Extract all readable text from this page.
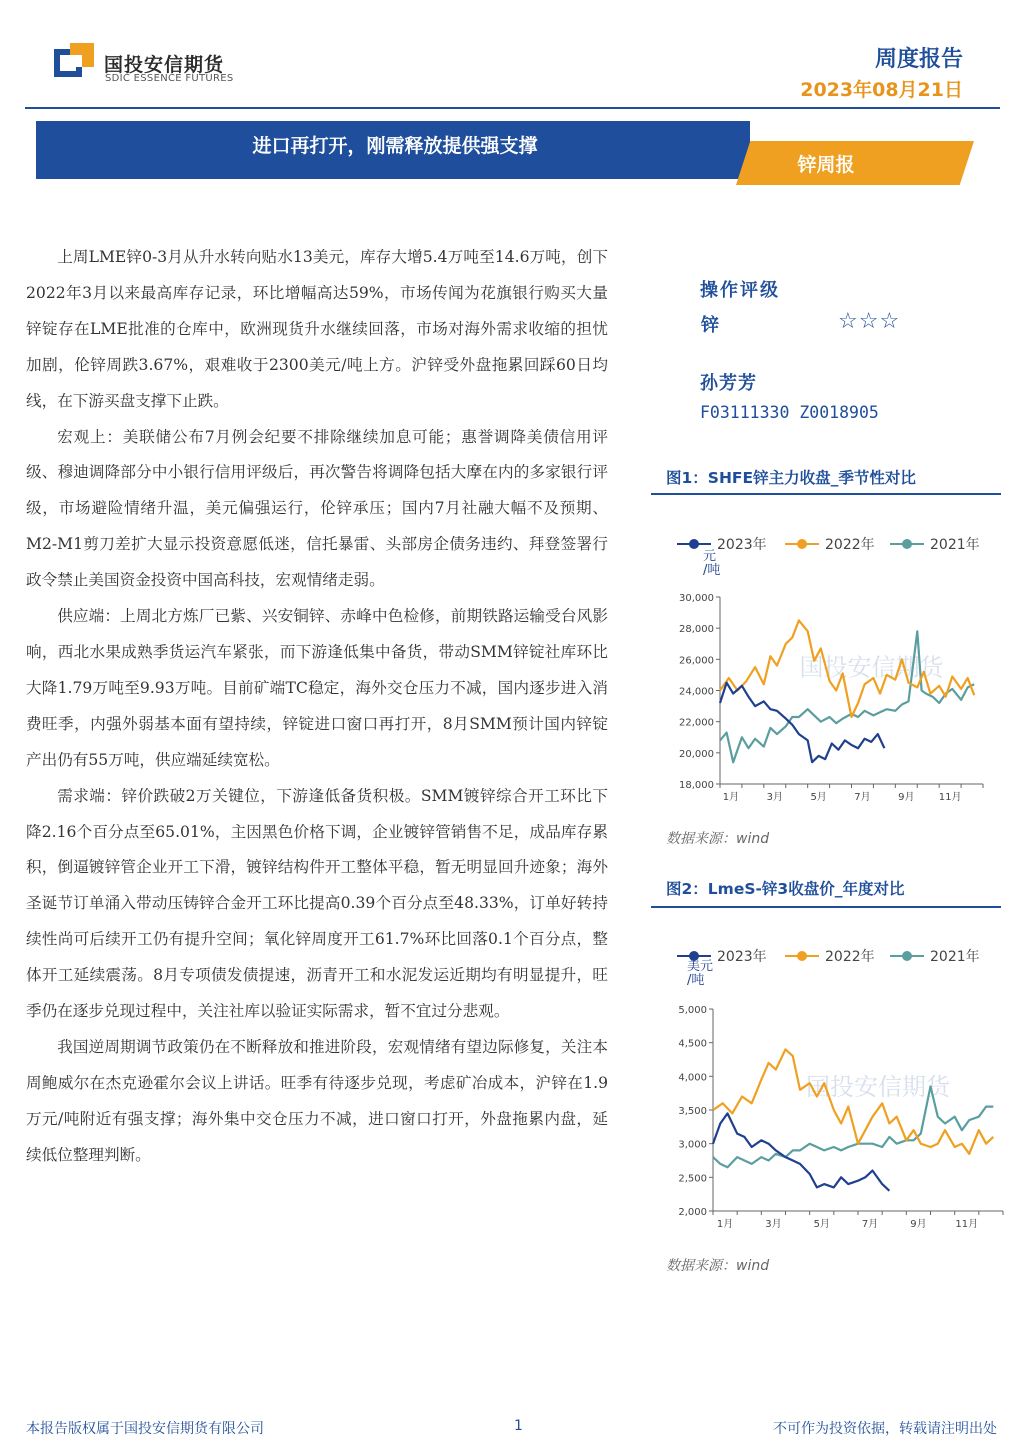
国投安信期货
SDIC ESSENCE FUTURES
周度报告
2023年08月21日
进口再打开，刚需释放提供强支撑
锌周报

上周LME锌0-3月从升水转向贴水13美元，库存大增5.4万吨至14.6万吨，创下2022年3月以来最高库存记录，环比增幅高达59%，市场传闻为花旗银行购买大量锌锭存在LME批准的仓库中，欧洲现货升水继续回落，市场对海外需求收缩的担忧加剧，伦锌周跌3.67%，艰难收于2300美元/吨上方。沪锌受外盘拖累回踩60日均线，在下游买盘支撑下止跌。

宏观上：美联储公布7月例会纪要不排除继续加息可能；惠誉调降美债信用评级、穆迪调降部分中小银行信用评级后，再次警告将调降包括大摩在内的多家银行评级，市场避险情绪升温，美元偏强运行，伦锌承压；国内7月社融大幅不及预期、M2-M1剪刀差扩大显示投资意愿低迷，信托暴雷、头部房企债务违约、拜登签署行政令禁止美国资金投资中国高科技，宏观情绪走弱。

供应端：上周北方炼厂已紫、兴安铜锌、赤峰中色检修，前期铁路运输受台风影响，西北水果成熟季货运汽车紧张，而下游逢低集中备货，带动SMM锌锭社库环比大降1.79万吨至9.93万吨。目前矿端TC稳定，海外交仓压力不减，国内逐步进入消费旺季，内强外弱基本面有望持续，锌锭进口窗口再打开，8月SMM预计国内锌锭产出仍有55万吨，供应端延续宽松。

需求端：锌价跌破2万关键位，下游逢低备货积极。SMM镀锌综合开工环比下降2.16个百分点至65.01%，主因黑色价格下调，企业镀锌管销售不足，成品库存累积，倒逼镀锌管企业开工下滑，镀锌结构件开工整体平稳，暂无明显回升迹象；海外圣诞节订单涌入带动压铸锌合金开工环比提高0.39个百分点至48.33%，订单好转持续性尚可后续开工仍有提升空间；氧化锌周度开工61.7%环比回落0.1个百分点，整体开工延续震荡。8月专项债发债提速，沥青开工和水泥发运近期均有明显提升，旺季仍在逐步兑现过程中，关注社库以验证实际需求，暂不宜过分悲观。

我国逆周期调节政策仍在不断释放和推进阶段，宏观情绪有望边际修复，关注本周鲍威尔在杰克逊霍尔会议上讲话。旺季有待逐步兑现，考虑矿冶成本，沪锌在1.9万元/吨附近有强支撑；海外集中交仓压力不减，进口窗口打开，外盘拖累内盘，延续低位整理判断。

操作评级
锌	☆☆☆
孙芳芳
F03111330 Z0018905
图1：SHFE锌主力收盘_季节性对比
国投安信期货
2023年	2022年	2021年
元
/吨
30,000
28,000
26,000
24,000
22,000
20,000
18,000
1月	3月	5月	7月	9月 11月
数据来源：wind
图2：LmeS-锌3收盘价_年度对比
国投安信期货
2023年	2022年	2021年
美元
/吨
5,000
4,500
4,000
3,500
3,000
2,500
2,000
1月	3月	5月	7月	9月	11月
数据来源：wind
本报告版权属于国投安信期货有限公司	1	不可作为投资依据，转载请注明出处
